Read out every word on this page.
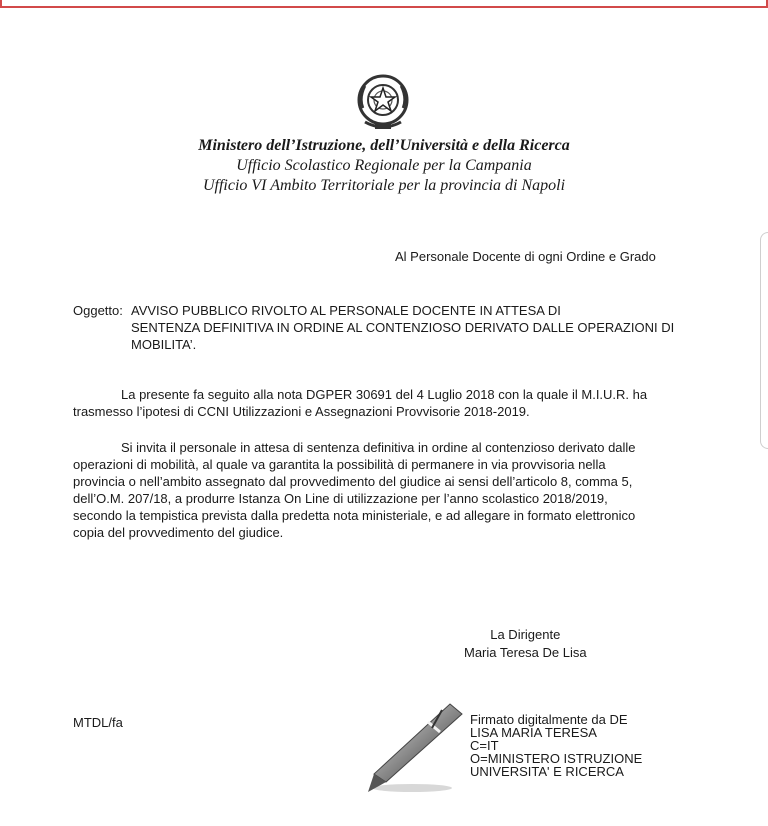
Ministero dell’Istruzione, dell’Università e della Ricerca
Ufficio Scolastico Regionale per la Campania
Ufficio VI Ambito Territoriale per la provincia di Napoli
Al Personale Docente di ogni Ordine e Grado
Oggetto: AVVISO PUBBLICO RIVOLTO AL PERSONALE DOCENTE IN ATTESA DI
SENTENZA DEFINITIVA IN ORDINE AL CONTENZIOSO DERIVATO DALLE OPERAZIONI DI
MOBILITA’.
La presente fa seguito alla nota DGPER 30691 del 4 Luglio 2018 con la quale il M.I.U.R. ha
trasmesso l’ipotesi di CCNI Utilizzazioni e Assegnazioni Provvisorie 2018-2019.
Si invita il personale in attesa di sentenza definitiva in ordine al contenzioso derivato dalle
operazioni di mobilità, al quale va garantita la possibilità di permanere in via provvisoria nella
provincia o nell’ambito assegnato dal provvedimento del giudice ai sensi dell’articolo 8, comma 5,
dell’O.M. 207/18, a produrre Istanza On Line di utilizzazione per l’anno scolastico 2018/2019,
secondo la tempistica prevista dalla predetta nota ministeriale, e ad allegare in formato elettronico
copia del provvedimento del giudice.
La Dirigente
Maria Teresa De Lisa
MTDL/fa	Firmato digitalmente da DE
LISA MARIA TERESA
C=IT
O=MINISTERO ISTRUZIONE
UNIVERSITA' E RICERCA
